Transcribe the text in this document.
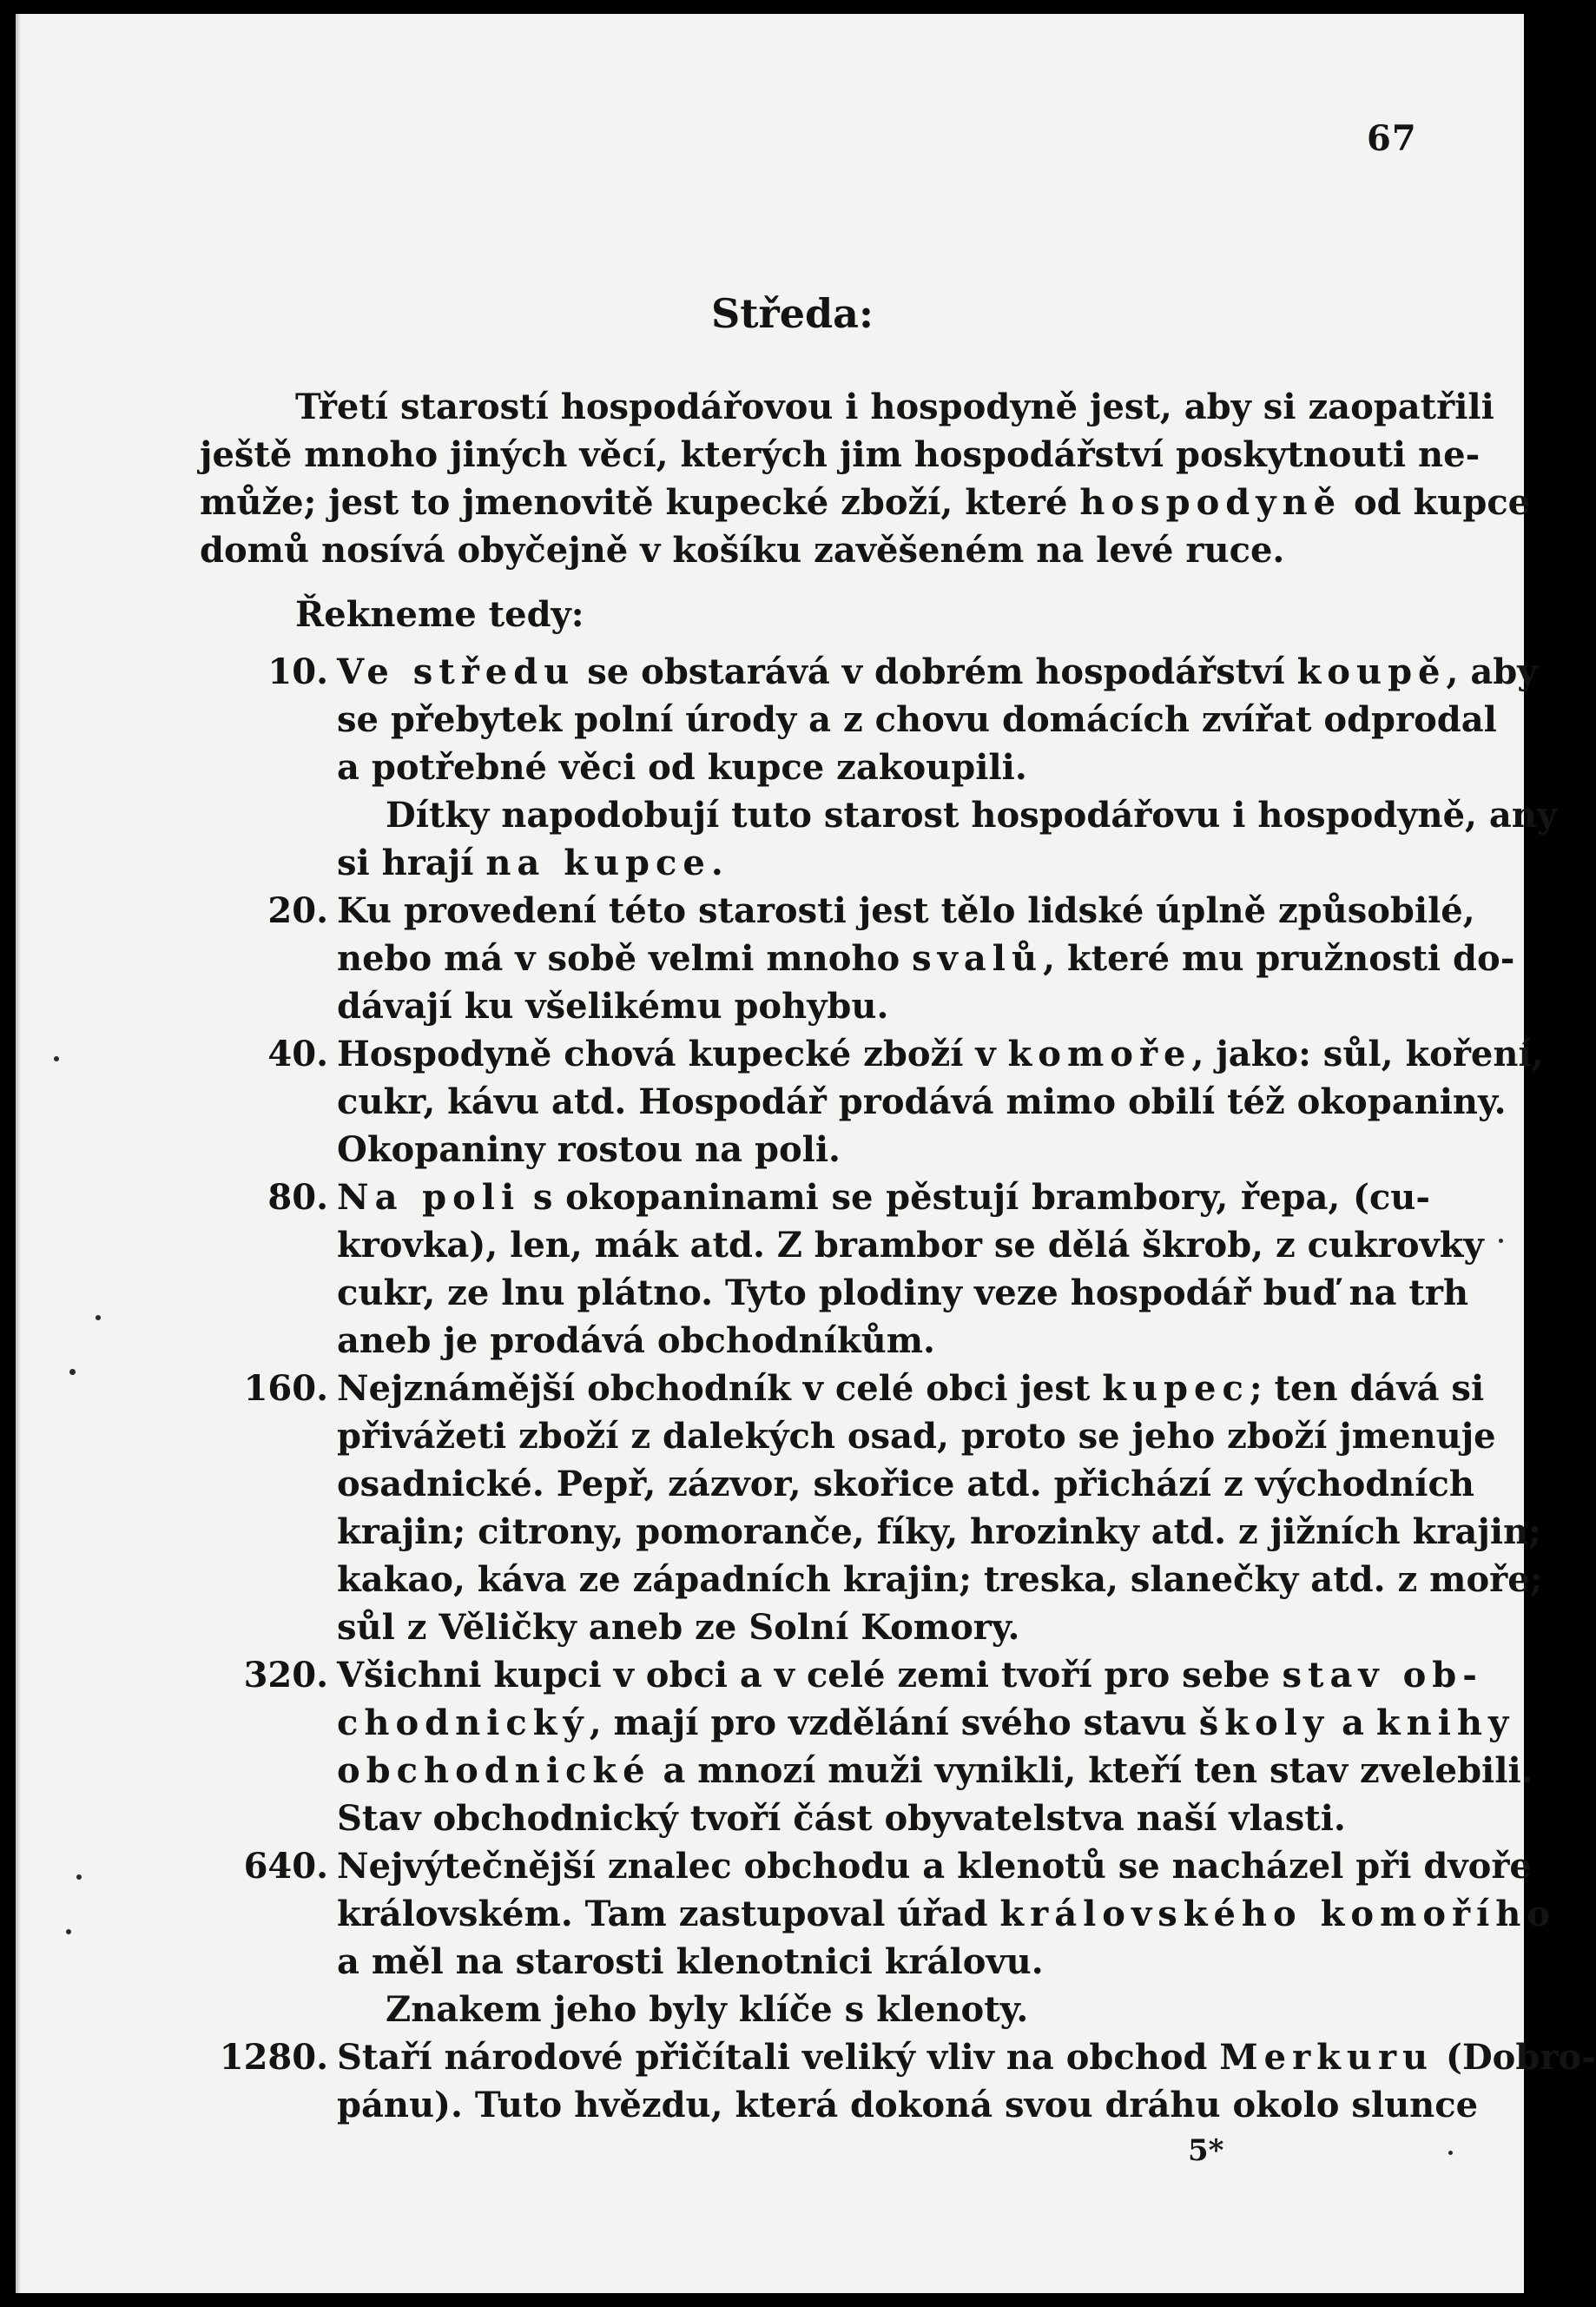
67
Středa:
Třetí starostí hospodářovou i hospodyně jest, aby si zaopatřili
ještě mnoho jiných věcí, kterých jim hospodářství poskytnouti ne-
může; jest to jmenovitě kupecké zboží, které hospodyně od kupce
domů nosívá obyčejně v košíku zavěšeném na levé ruce.
Řekneme tedy:
10. Ve středu se obstarává v dobrém hospodářství koupě, aby
se přebytek polní úrody a z chovu domácích zvířat odprodal
a potřebné věci od kupce zakoupili.
Dítky napodobují tuto starost hospodářovu i hospodyně, any
si hrají na kupce.
20. Ku provedení této starosti jest tělo lidské úplně způsobilé,
nebo má v sobě velmi mnoho svalů, které mu pružnosti do-
dávají ku všelikému pohybu.
40. Hospodyně chová kupecké zboží v komoře, jako: sůl, koření,
cukr, kávu atd. Hospodář prodává mimo obilí též okopaniny.
Okopaniny rostou na poli.
80. Na poli s okopaninami se pěstují brambory, řepa, (cu-
krovka), len, mák atd. Z brambor se dělá škrob, z cukrovky
cukr, ze lnu plátno. Tyto plodiny veze hospodář buď na trh
aneb je prodává obchodníkům.
160. Nejznámější obchodník v celé obci jest kupec; ten dává si
přivážeti zboží z dalekých osad, proto se jeho zboží jmenuje
osadnické. Pepř, zázvor, skořice atd. přichází z východních
krajin; citrony, pomoranče, fíky, hrozinky atd. z jižních krajin;
kakao, káva ze západních krajin; treska, slanečky atd. z moře;
sůl z Věličky aneb ze Solní Komory.
320. Všichni kupci v obci a v celé zemi tvoří pro sebe stav ob-
chodnický, mají pro vzdělání svého stavu školy a knihy
obchodnické a mnozí muži vynikli, kteří ten stav zvelebili.
Stav obchodnický tvoří část obyvatelstva naší vlasti.
640. Nejvýtečnější znalec obchodu a klenotů se nacházel při dvoře
královském. Tam zastupoval úřad královského komořího
a měl na starosti klenotnici královu.
Znakem jeho byly klíče s klenoty.
1280. Staří národové přičítali veliký vliv na obchod Merkuru (Dobro-
pánu). Tuto hvězdu, která dokoná svou dráhu okolo slunce
5*
